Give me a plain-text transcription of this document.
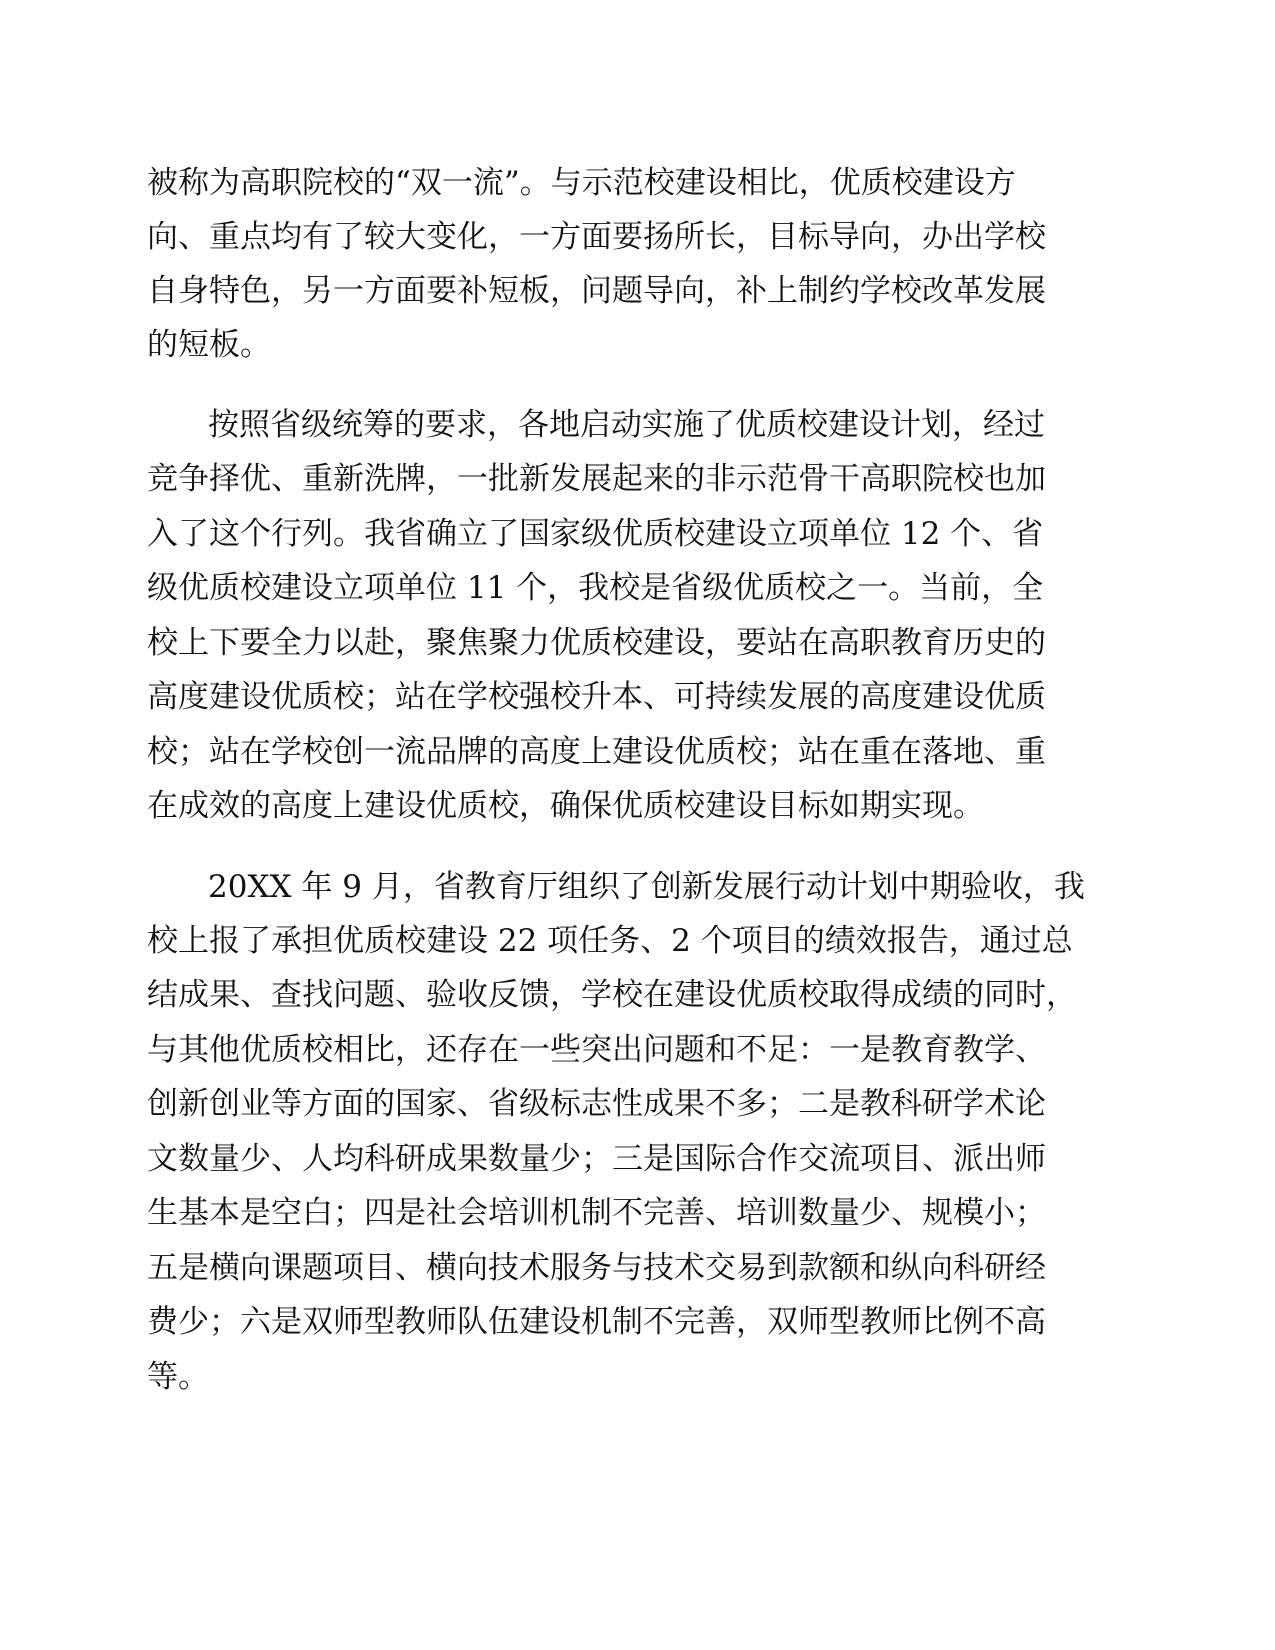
被称为高职院校的“双一流”。与示范校建设相比，优质校建设方
向、重点均有了较大变化，一方面要扬所长，目标导向，办出学校
自身特色，另一方面要补短板，问题导向，补上制约学校改革发展
的短板。
按照省级统筹的要求，各地启动实施了优质校建设计划，经过
竞争择优、重新洗牌，一批新发展起来的非示范骨干高职院校也加
入了这个行列。我省确立了国家级优质校建设立项单位 12 个、省
级优质校建设立项单位 11 个，我校是省级优质校之一。当前，全
校上下要全力以赴，聚焦聚力优质校建设，要站在高职教育历史的
高度建设优质校；站在学校强校升本、可持续发展的高度建设优质
校；站在学校创一流品牌的高度上建设优质校；站在重在落地、重
在成效的高度上建设优质校，确保优质校建设目标如期实现。
20XX 年 9 月，省教育厅组织了创新发展行动计划中期验收，我
校上报了承担优质校建设 22 项任务、2 个项目的绩效报告，通过总
结成果、查找问题、验收反馈，学校在建设优质校取得成绩的同时，
与其他优质校相比，还存在一些突出问题和不足：一是教育教学、
创新创业等方面的国家、省级标志性成果不多；二是教科研学术论
文数量少、人均科研成果数量少；三是国际合作交流项目、派出师
生基本是空白；四是社会培训机制不完善、培训数量少、规模小；
五是横向课题项目、横向技术服务与技术交易到款额和纵向科研经
费少；六是双师型教师队伍建设机制不完善，双师型教师比例不高
等。
